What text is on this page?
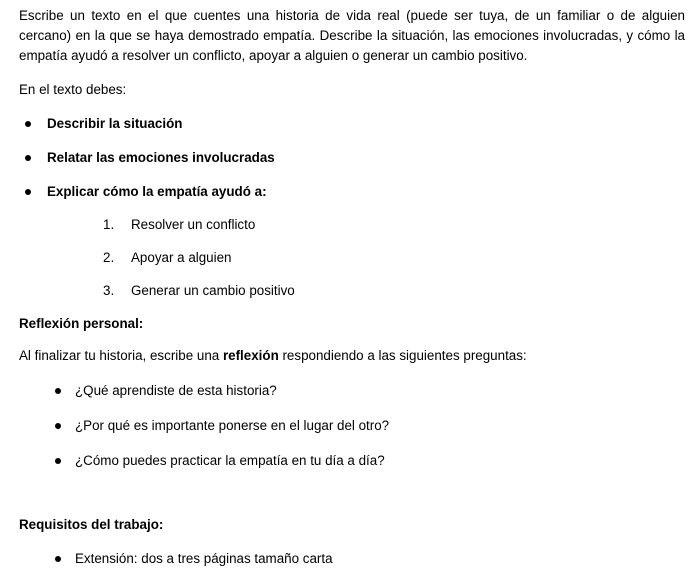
Escribe un texto en el que cuentes una historia de vida real (puede ser tuya, de un familiar o de alguien cercano) en la que se haya demostrado empatía. Describe la situación, las emociones involucradas, y cómo la empatía ayudó a resolver un conflicto, apoyar a alguien o generar un cambio positivo.

En el texto debes:

Describir la situación

Relatar las emociones involucradas

Explicar cómo la empatía ayudó a:

1. Resolver un conflicto

2. Apoyar a alguien

3. Generar un cambio positivo

Reflexión personal:

Al finalizar tu historia, escribe una reflexión respondiendo a las siguientes preguntas:

¿Qué aprendiste de esta historia?

¿Por qué es importante ponerse en el lugar del otro?

¿Cómo puedes practicar la empatía en tu día a día?

Requisitos del trabajo:

Extensión: dos a tres páginas tamaño carta
